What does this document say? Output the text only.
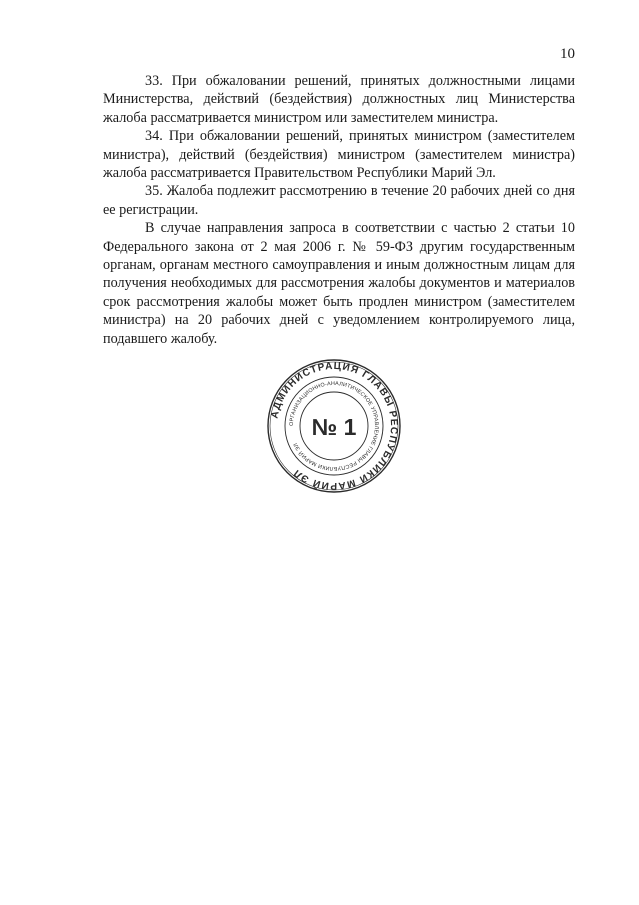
10

33. При обжаловании решений, принятых должностными лицами Министерства, действий (бездействия) должностных лиц Министерства жалоба рассматривается министром или заместителем министра.

34. При обжаловании решений, принятых министром (заместителем министра), действий (бездействия) министром (заместителем министра) жалоба рассматривается Правительством Республики Марий Эл.

35. Жалоба подлежит рассмотрению в течение 20 рабочих дней со дня ее регистрации.

В случае направления запроса в соответствии с частью 2 статьи 10 Федерального закона от 2 мая 2006 г. № 59-ФЗ другим государственным органам, органам местного самоуправления и иным должностным лицам для получения необходимых для рассмотрения жалобы документов и материалов срок рассмотрения жалобы может быть продлен министром (заместителем министра) на 20 рабочих дней с уведомлением контролируемого лица, подавшего жалобу.

АДМИНИСТРАЦИЯ ГЛАВЫ РЕСПУБЛИКИ МАРИЙ ЭЛ
ОРГАНИЗАЦИОННО-АНАЛИТИЧЕСКОЕ УПРАВЛЕНИЕ ГЛАВЫ РЕСПУБЛИКИ МАРИЙ ЭЛ
№ 1
